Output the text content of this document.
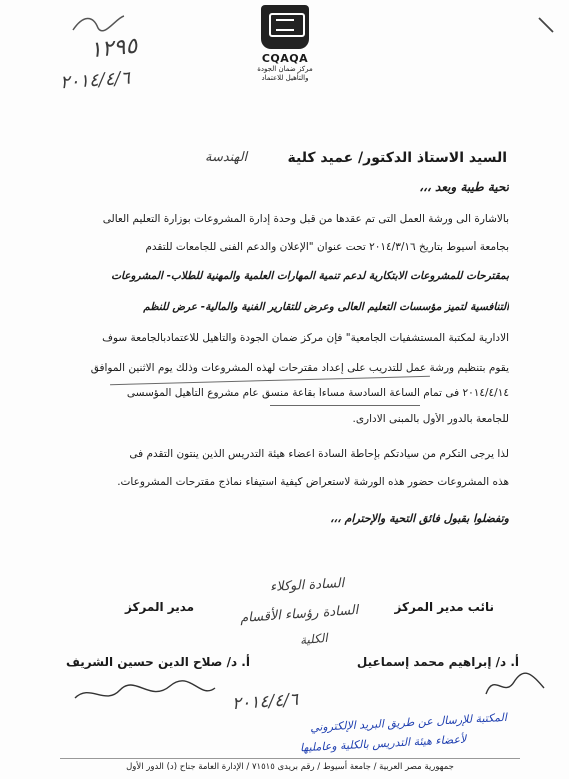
١٢٩٥
٢٠١٤/٤/٦
CQAQA
مركز ضمان الجودة
والتأهيل للاعتماد
السيد الاستاذ الدكتور/ عميد كلية
الهندسة
تحية طيبة وبعد ،،،
بالاشارة الى ورشة العمل التى تم عقدها من قبل وحدة إدارة المشروعات بوزارة التعليم العالى
بجامعة أسيوط بتاريخ ٢٠١٤/٣/١٦ تحت عنوان "الإعلان والدعم الفنى للجامعات للتقدم
بمقترحات للمشروعات الابتكارية لدعم تنمية المهارات العلمية والمهنية للطلاب- المشروعات
التنافسية لتميز مؤسسات التعليم العالى وعرض للتقارير الفنية والمالية- عرض للنظم
الادارية لمكتبة المستشفيات الجامعية" فإن مركز ضمان الجودة والتأهيل للاعتمادبالجامعة سوف
يقوم بتنظيم ورشة عمل للتدريب على إعداد مقترحات لهذه المشروعات وذلك يوم الاثنين الموافق
٢٠١٤/٤/١٤ فى تمام الساعة السادسة مساءاً بقاعة منسق عام مشروع التأهيل المؤسسى
للجامعة بالدور الأول بالمبنى الادارى.
لذا يرجى التكرم من سيادتكم بإحاطة السادة اعضاء هيئة التدريس الذين ينتون التقدم فى
هذه المشروعات حضور هذه الورشة لاستعراض كيفية استيفاء نماذج مقترحات المشروعات.
وتفضلوا بقبول فائق التحية والإحترام ،،،
السادة الوكلاء
السادة رؤساء الأقسام
الكلية
نائب مدير المركز
مدير المركز
أ. د/ إبراهيم محمد إسماعيل
أ. د/ صلاح الدين حسين الشريف
٢٠١٤/٤/٦
المكتبة للإرسال عن طريق البريد الإلكتروني
لأعضاء هيئة التدريس بالكلية وعامليها
جمهورية مصر العربية / جامعة أسيوط / رقم بريدى ٧١٥١٥ / الإدارة العامة جناح (د) الدور الأول
